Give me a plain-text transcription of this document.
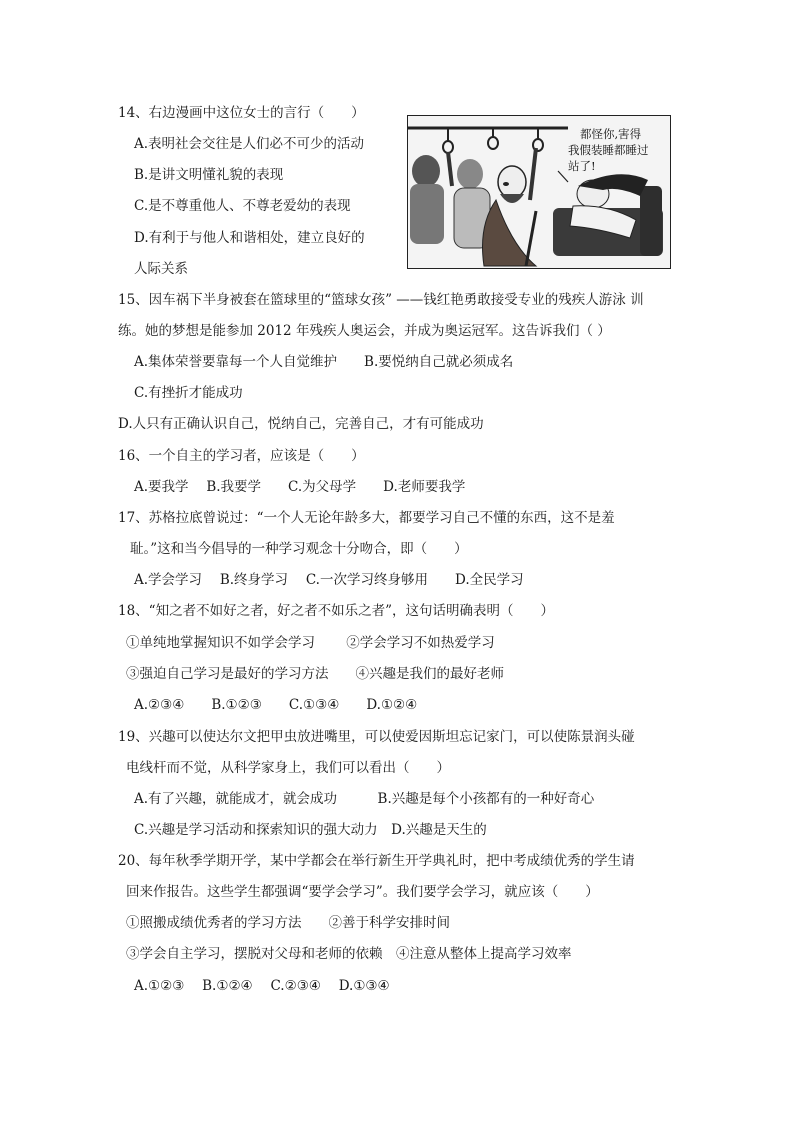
14、右边漫画中这位女士的言行（　　）
A.表明社会交往是人们必不可少的活动
B.是讲文明懂礼貌的表现
C.是不尊重他人、不尊老爱幼的表现
D.有利于与他人和谐相处，建立良好的
人际关系
都怪你,害得
我假装睡都睡过
站了!
15、因车祸下半身被套在篮球里的“篮球女孩” ——钱红艳勇敢接受专业的残疾人游泳 训
练。她的梦想是能参加 2012 年残疾人奥运会，并成为奥运冠军。这告诉我们（ ）
A.集体荣誉要靠每一个人自觉维护　　B.要悦纳自己就必须成名
C.有挫折才能成功
D.人只有正确认识自己，悦纳自己，完善自己，才有可能成功
16、一个自主的学习者，应该是（　　）
A.要我学　 B.我要学　　C.为父母学　　D.老师要我学
17、苏格拉底曾说过：“一个人无论年龄多大，都要学习自己不懂的东西，这不是羞
耻。”这和当今倡导的一种学习观念十分吻合，即（　　）
A.学会学习　 B.终身学习　 C.一次学习终身够用　　D.全民学习
18、“知之者不如好之者，好之者不如乐之者”，这句话明确表明（　　）
①单纯地掌握知识不如学会学习　　 ②学会学习不如热爱学习
③强迫自己学习是最好的学习方法　　④兴趣是我们的最好老师
A.②③④　　B.①②③　　C.①③④　　D.①②④
19、兴趣可以使达尔文把甲虫放进嘴里，可以使爱因斯坦忘记家门，可以使陈景润头碰
电线杆而不觉，从科学家身上，我们可以看出（　　）
A.有了兴趣，就能成才，就会成功　　　B.兴趣是每个小孩都有的一种好奇心
C.兴趣是学习活动和探索知识的强大动力　D.兴趣是天生的
20、每年秋季学期开学，某中学都会在举行新生开学典礼时，把中考成绩优秀的学生请
回来作报告。这些学生都强调“要学会学习”。我们要学会学习，就应该（　　）
①照搬成绩优秀者的学习方法　　②善于科学安排时间
③学会自主学习，摆脱对父母和老师的依赖　④注意从整体上提高学习效率
A.①②③　 B.①②④　 C.②③④　 D.①③④
